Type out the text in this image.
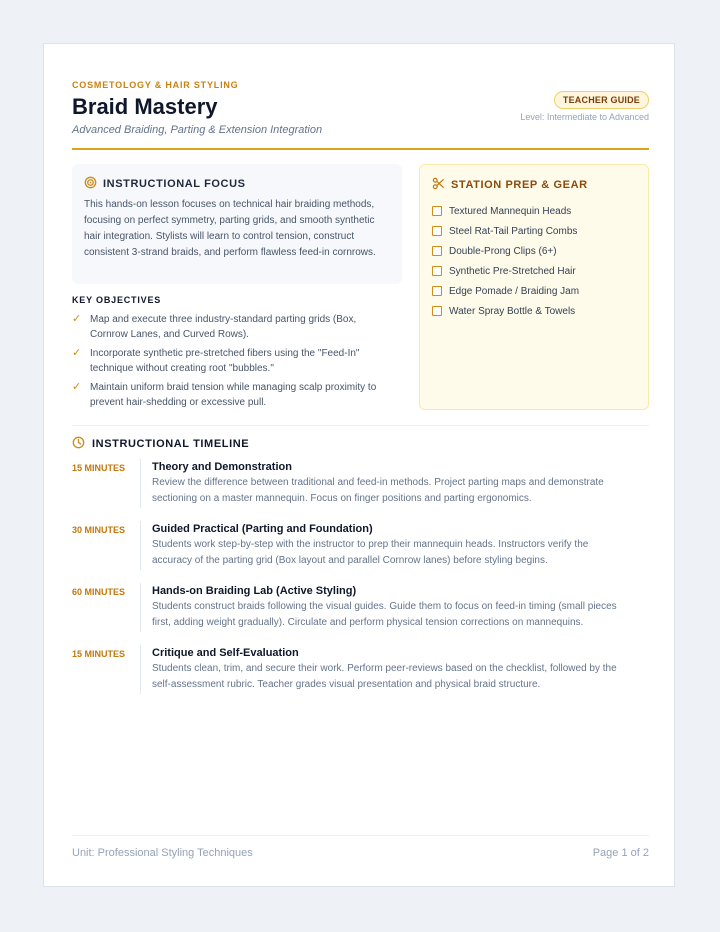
COSMETOLOGY & HAIR STYLING
Braid Mastery
Advanced Braiding, Parting & Extension Integration
TEACHER GUIDE
Level: Intermediate to Advanced
INSTRUCTIONAL FOCUS
This hands-on lesson focuses on technical hair braiding methods, focusing on perfect symmetry, parting grids, and smooth synthetic hair integration. Stylists will learn to control tension, construct consistent 3-strand braids, and perform flawless feed-in cornrows.
KEY OBJECTIVES
✓ Map and execute three industry-standard parting grids (Box, Cornrow Lanes, and Curved Rows).
✓ Incorporate synthetic pre-stretched fibers using the "Feed-In" technique without creating root "bubbles."
✓ Maintain uniform braid tension while managing scalp proximity to prevent hair-shedding or excessive pull.
STATION PREP & GEAR
Textured Mannequin Heads
Steel Rat-Tail Parting Combs
Double-Prong Clips (6+)
Synthetic Pre-Stretched Hair
Edge Pomade / Braiding Jam
Water Spray Bottle & Towels
INSTRUCTIONAL TIMELINE
15 MINUTES	Theory and Demonstration
Review the difference between traditional and feed-in methods. Project parting maps and demonstrate
sectioning on a master mannequin. Focus on finger positions and parting ergonomics.
30 MINUTES	Guided Practical (Parting and Foundation)
Students work step-by-step with the instructor to prep their mannequin heads. Instructors verify the
accuracy of the parting grid (Box layout and parallel Cornrow lanes) before styling begins.
60 MINUTES	Hands-on Braiding Lab (Active Styling)
Students construct braids following the visual guides. Guide them to focus on feed-in timing (small pieces
first, adding weight gradually). Circulate and perform physical tension corrections on mannequins.
15 MINUTES	Critique and Self-Evaluation
Students clean, trim, and secure their work. Perform peer-reviews based on the checklist, followed by the
self-assessment rubric. Teacher grades visual presentation and physical braid structure.
Unit: Professional Styling Techniques	Page 1 of 2
